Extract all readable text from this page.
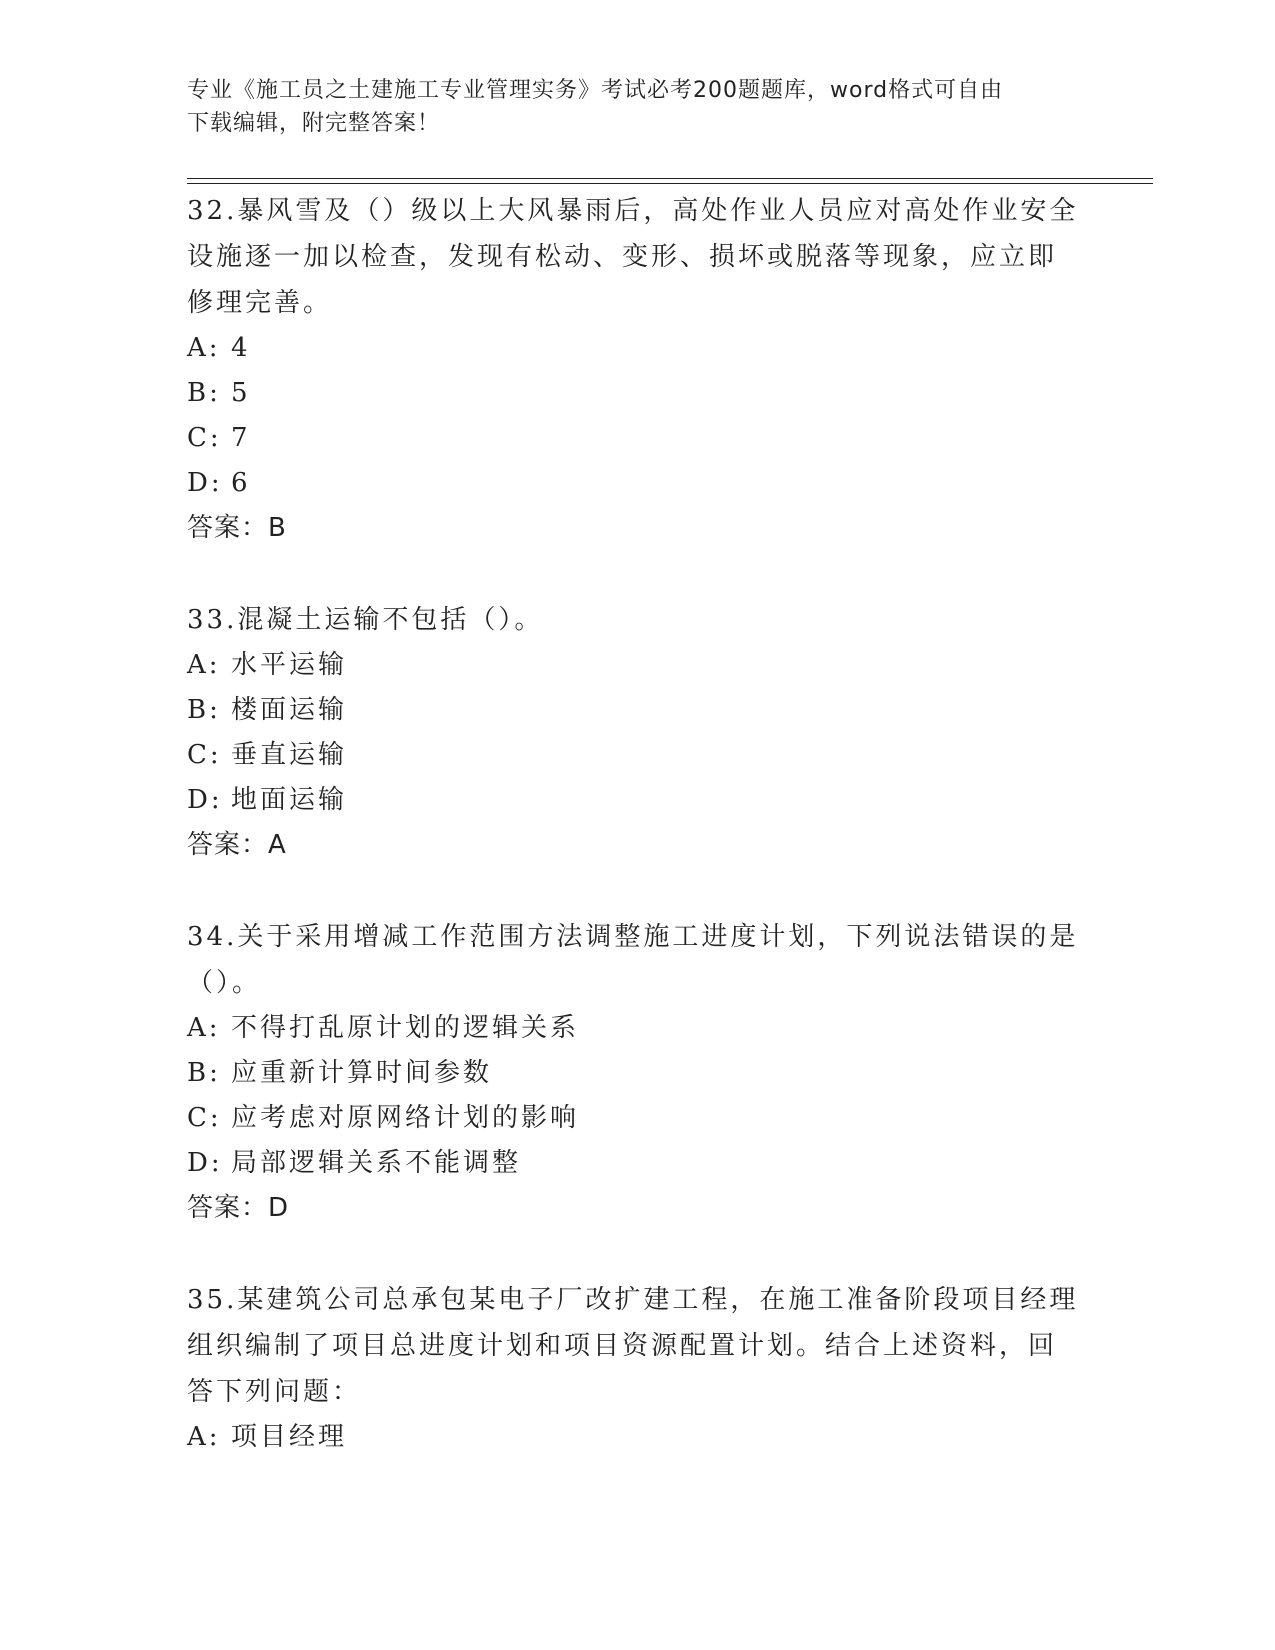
专业《施工员之土建施工专业管理实务》考试必考200题题库，word格式可自由
下载编辑，附完整答案！

32.暴风雪及（）级以上大风暴雨后，高处作业人员应对高处作业安全

设施逐一加以检查，发现有松动、变形、损坏或脱落等现象，应立即

修理完善。

A: 4
B: 5
C: 7
D: 6

答案：B

33.混凝土运输不包括（）。

A: 水平运输
B: 楼面运输
C: 垂直运输
D: 地面运输

答案：A

34.关于采用增减工作范围方法调整施工进度计划，下列说法错误的是

（）。

A: 不得打乱原计划的逻辑关系
B: 应重新计算时间参数
C: 应考虑对原网络计划的影响
D: 局部逻辑关系不能调整

答案：D

35.某建筑公司总承包某电子厂改扩建工程，在施工准备阶段项目经理

组织编制了项目总进度计划和项目资源配置计划。结合上述资料，回

答下列问题：

A: 项目经理
